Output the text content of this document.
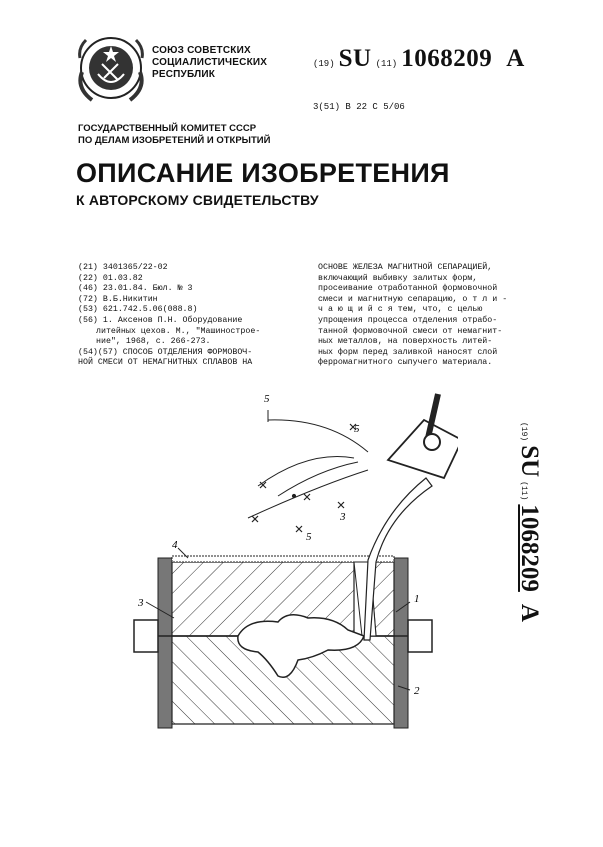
СОЮЗ СОВЕТСКИХ
СОЦИАЛИСТИЧЕСКИХ
РЕСПУБЛИК
(19) SU (11) 1068209 A
3(51) В 22 С 5/06
ГОСУДАРСТВЕННЫЙ КОМИТЕТ СССР
ПО ДЕЛАМ ИЗОБРЕТЕНИЙ И ОТКРЫТИЙ
ОПИСАНИЕ ИЗОБРЕТЕНИЯ
К АВТОРСКОМУ СВИДЕТЕЛЬСТВУ
(21) 3401365/22-02
(22) 01.03.82
(46) 23.01.84. Бюл. № 3
(72) В.Б.Никитин
(53) 621.742.5.06(088.8)
(56) 1. Аксенов П.Н. Оборудование
литейных цехов. М., "Машинострое-
ние", 1968, с. 266-273.
(54)(57) СПОСОБ ОТДЕЛЕНИЯ ФОРМОВОЧ-
НОЙ СМЕСИ ОТ НЕМАГНИТНЫХ СПЛАВОВ НА
ОСНОВЕ ЖЕЛЕЗА МАГНИТНОЙ СЕПАРАЦИЕЙ,
включающий выбивку залитых форм,
просеивание отработанной формовочной
смеси и магнитную сепарацию, о т л и -
ч а ю щ и й с я тем, что, с целью
упрощения процесса отделения отрабо-
танной формовочной смеси от немагнит-
ных металлов, на поверхность литей-
ных форм перед заливкой наносят слой
ферромагнитного сыпучего материала.
(19) SU (11) 1068209 A
5
5
5
3
4
3	1
2
